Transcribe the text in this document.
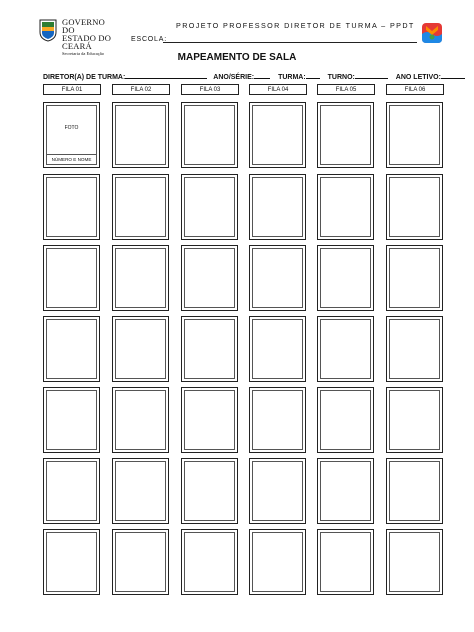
GOVERNO DO
ESTADO DO CEARÁ
Secretaria da Educação
PROJETO PROFESSOR DIRETOR DE TURMA – PPDT
ESCOLA:
MAPEAMENTO DE SALA
DIRETOR(A) DE TURMA:	ANO/SÉRIE:	TURMA:	TURNO:	ANO LETIVO:
FILA 01	FILA 02	FILA 03	FILA 04	FILA 05	FILA 06
FOTO
NÚMERO E NOME
